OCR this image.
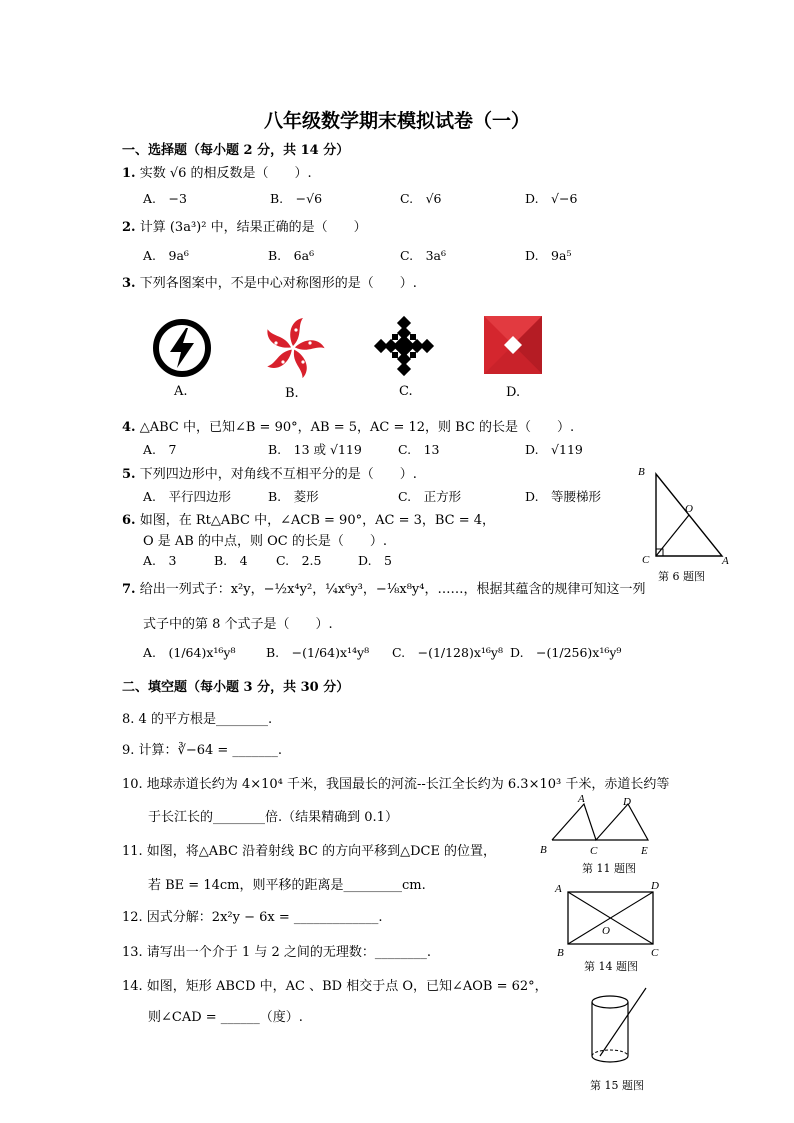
八年级数学期末模拟试卷（一）
一、选择题（每小题 2 分，共 14 分）
1. 实数 √6 的相反数是（　　）.
A.　−3	B.　−√6	C.　√6	D.　√−6
2. 计算 (3a³)² 中，结果正确的是（　　）
A.　9a⁶	B.　6a⁶	C.　3a⁶	D.　9a⁵
3. 下列各图案中，不是中心对称图形的是（　　）.
A.	B.	C.	D.
4. △ABC 中，已知∠B = 90°，AB = 5，AC = 12，则 BC 的长是（　　）.
A.　7	B.　13 或 √119	C.　13	D.　√119
5. 下列四边形中，对角线不互相平分的是（　　）.
A.　平行四边形	B.　菱形	C.　正方形	D.　等腰梯形
B
O
C	A
第 6 题图
6. 如图，在 Rt△ABC 中，∠ACB = 90°，AC = 3，BC = 4，
O 是 AB 的中点，则 OC 的长是（　　）.
A.　3	B.　4 C.　2.5	D.　5
7. 给出一列式子：x²y，−½x⁴y²，¼x⁶y³，−⅛x⁸y⁴，……，根据其蕴含的规律可知这一列
式子中的第 8 个式子是（　　）.
A.　(1/64)x¹⁶y⁸ B.　−(1/64)x¹⁴y⁸ C.　−(1/128)x¹⁶y⁸ D.　−(1/256)x¹⁶y⁹
二、填空题（每小题 3 分，共 30 分）
8. 4 的平方根是________.
9. 计算：∛−64 = _______.
10. 地球赤道长约为 4×10⁴ 千米，我国最长的河流--长江全长约为 6.3×10³ 千米，赤道长约等
于长江长的________倍.（结果精确到 0.1）
A	D
B	C	E
第 11 题图
11. 如图，将△ABC 沿着射线 BC 的方向平移到△DCE 的位置，
若 BE = 14cm，则平移的距离是_________cm.	A	D
O
B	C
第 14 题图
12. 因式分解：2x²y − 6x = _____________.
13. 请写出一个介于 1 与 2 之间的无理数：________.
14. 如图，矩形 ABCD 中，AC 、BD 相交于点 O，已知∠AOB = 62°，
则∠CAD = ______（度）.
第 15 题图
